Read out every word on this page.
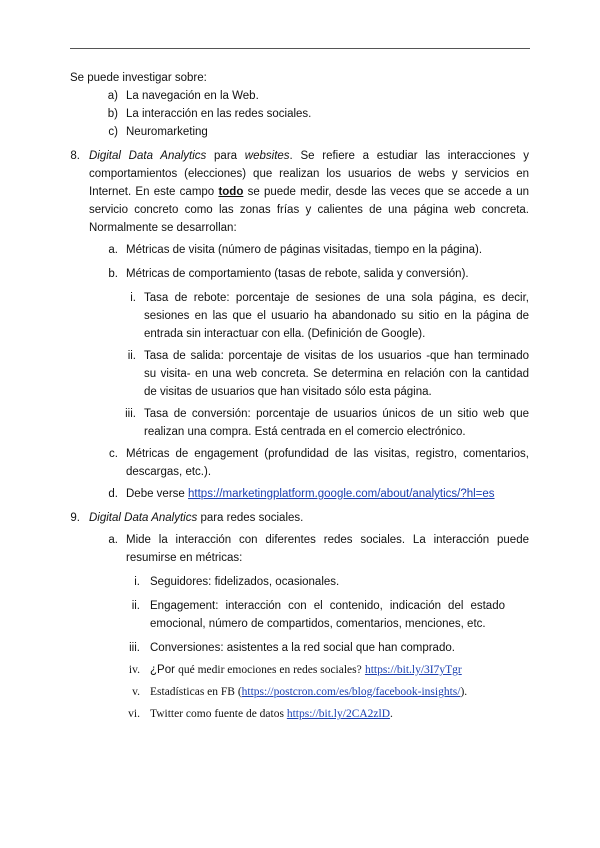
Se puede investigar sobre:
a) La navegación en la Web.
b) La interacción en las redes sociales.
c) Neuromarketing
8. Digital Data Analytics para websites. Se refiere a estudiar las interacciones y
comportamientos (elecciones) que realizan los usuarios de webs y servicios en
Internet. En este campo todo se puede medir, desde las veces que se accede a un
servicio concreto como las zonas frías y calientes de una página web concreta.
Normalmente se desarrollan:
a. Métricas de visita (número de páginas visitadas, tiempo en la página).
b. Métricas de comportamiento (tasas de rebote, salida y conversión).
i. Tasa de rebote: porcentaje de sesiones de una sola página, es decir,
sesiones en las que el usuario ha abandonado su sitio en la página de
entrada sin interactuar con ella. (Definición de Google).
ii. Tasa de salida: porcentaje de visitas de los usuarios -que han terminado
su visita- en una web concreta. Se determina en relación con la cantidad
de visitas de usuarios que han visitado sólo esta página.
iii. Tasa de conversión: porcentaje de usuarios únicos de un sitio web que
realizan una compra. Está centrada en el comercio electrónico.
c. Métricas de engagement (profundidad de las visitas, registro, comentarios,
descargas, etc.).
d. Debe verse https://marketingplatform.google.com/about/analytics/?hl=es
9. Digital Data Analytics para redes sociales.
a. Mide la interacción con diferentes redes sociales. La interacción puede
resumirse en métricas:
i. Seguidores: fidelizados, ocasionales.
ii. Engagement: interacción con el contenido, indicación del estado
emocional, número de compartidos, comentarios, menciones, etc.
iii. Conversiones: asistentes a la red social que han comprado.
iv. ¿Por qué medir emociones en redes sociales? https://bit.ly/3I7yTgr
v. Estadísticas en FB (https://postcron.com/es/blog/facebook-insights/).
vi. Twitter como fuente de datos https://bit.ly/2CA2zlD.
